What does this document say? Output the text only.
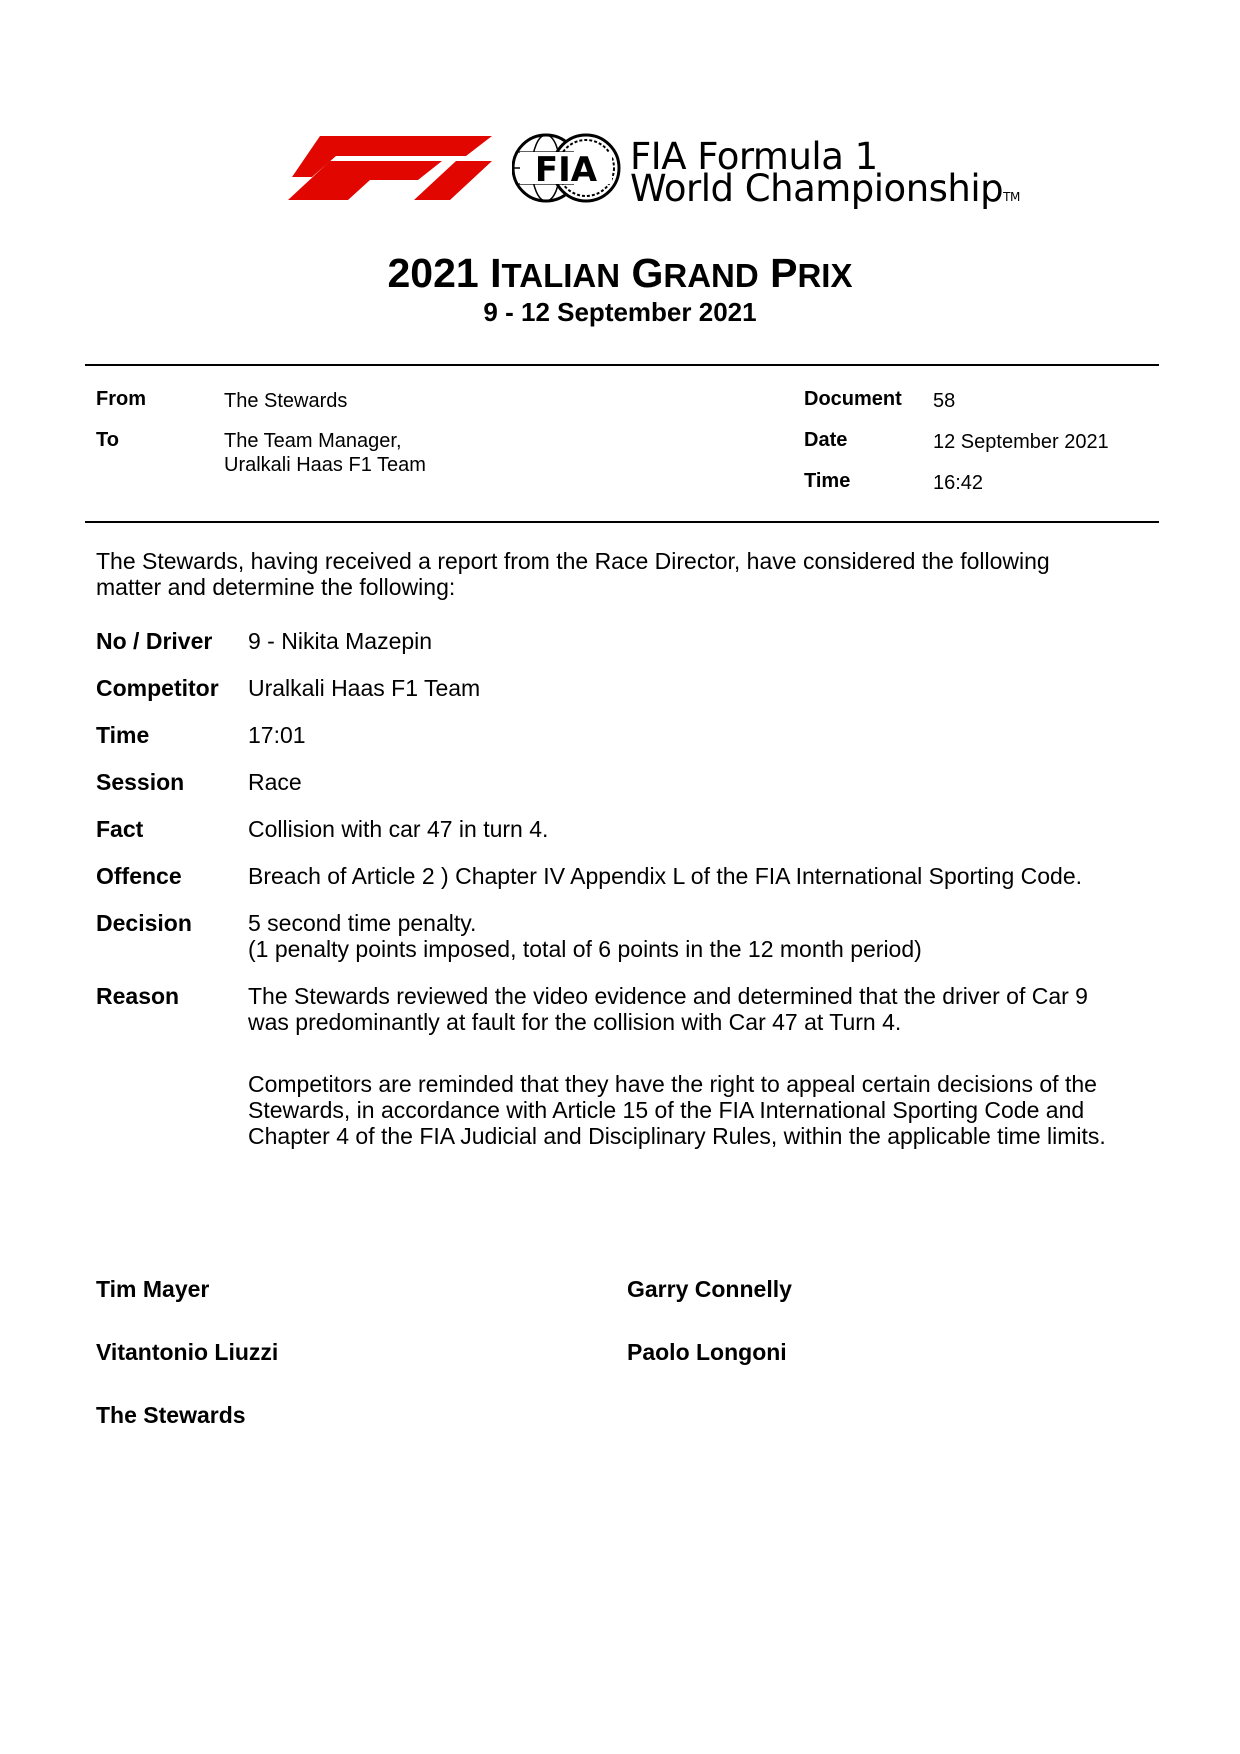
FIA FIA Formula 1
World ChampionshipTM
2021 ITALIAN GRAND PRIX
9 - 12 September 2021
From	The Stewards
To	The Team Manager,
Uralkali Haas F1 Team
Document 58
Date	12 September 2021
Time	16:42
The Stewards, having received a report from the Race Director, have considered the following
matter and determine the following:
No / Driver 9 - Nikita Mazepin
Competitor Uralkali Haas F1 Team
Time	17:01
Session	Race
Fact	Collision with car 47 in turn 4.
Offence	Breach of Article 2 ) Chapter IV Appendix L of the FIA International Sporting Code.
Decision 5 second time penalty.
(1 penalty points imposed, total of 6 points in the 12 month period)
Reason	The Stewards reviewed the video evidence and determined that the driver of Car 9
was predominantly at fault for the collision with Car 47 at Turn 4.
Competitors are reminded that they have the right to appeal certain decisions of the
Stewards, in accordance with Article 15 of the FIA International Sporting Code and
Chapter 4 of the FIA Judicial and Disciplinary Rules, within the applicable time limits.
Tim Mayer	Garry Connelly
Vitantonio Liuzzi	Paolo Longoni
The Stewards
